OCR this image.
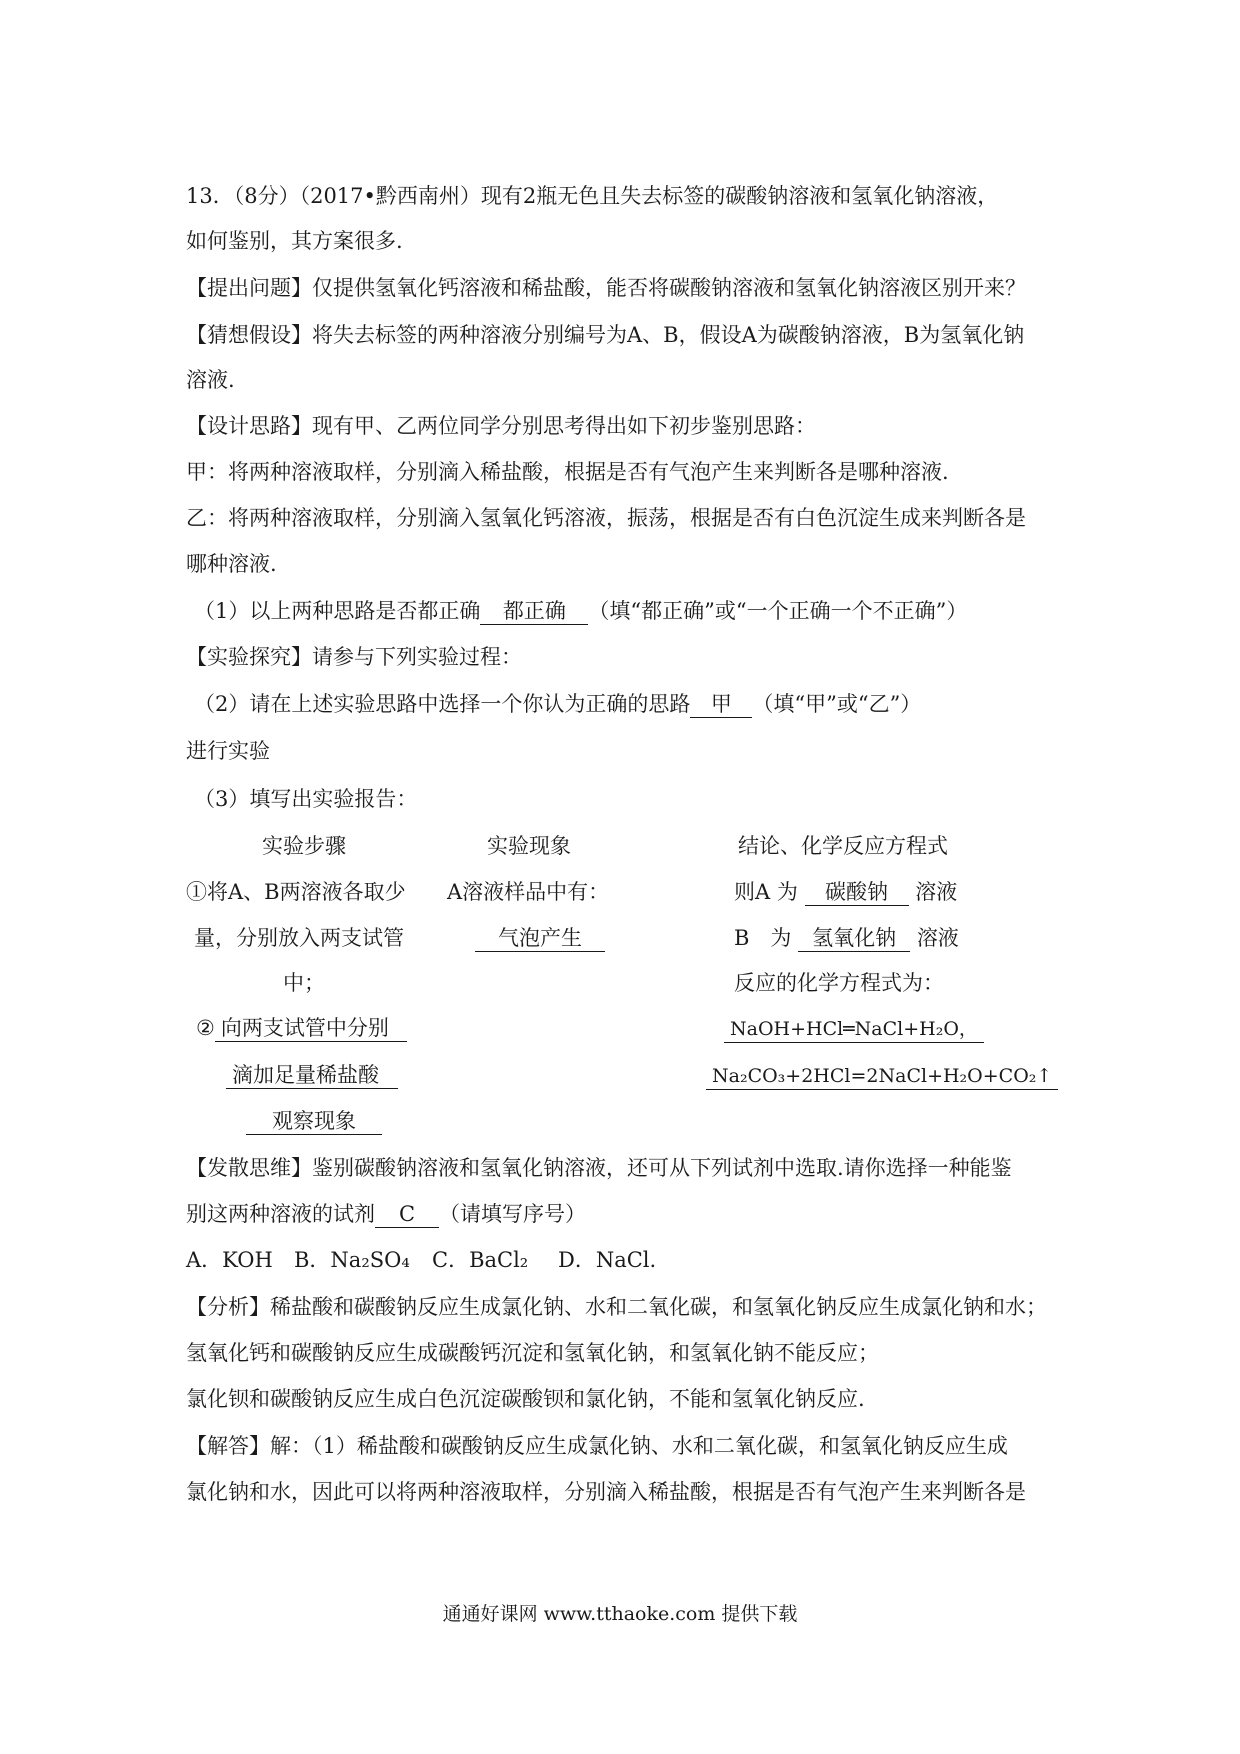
13．（8分）（2017•黔西南州）现有2瓶无色且失去标签的碳酸钠溶液和氢氧化钠溶液，
如何鉴别，其方案很多.
【提出问题】仅提供氢氧化钙溶液和稀盐酸，能否将碳酸钠溶液和氢氧化钠溶液区别开来？
【猜想假设】将失去标签的两种溶液分别编号为A、B，假设A为碳酸钠溶液，B为氢氧化钠
溶液.
【设计思路】现有甲、乙两位同学分别思考得出如下初步鉴别思路：
甲：将两种溶液取样，分别滴入稀盐酸，根据是否有气泡产生来判断各是哪种溶液.
乙：将两种溶液取样，分别滴入氢氧化钙溶液，振荡，根据是否有白色沉淀生成来判断各是
哪种溶液.
（1）以上两种思路是否都正确 都正确 （填“都正确”或“一个正确一个不正确”）
【实验探究】请参与下列实验过程：
（2）请在上述实验思路中选择一个你认为正确的思路 甲 （填“甲”或“乙”）
进行实验
（3）填写出实验报告：
实验步骤	实验现象	结论、化学反应方程式
①将A、B两溶液各取少
量，分别放入两支试管
中；
A溶液样品中有：
气泡产生
则A 为 碳酸钠 溶液
B　为 氢氧化钠 溶液
反应的化学方程式为：
② 向两支试管中分别
滴加足量稀盐酸
观察现象
NaOH+HCl═NaCl+H₂O，
Na₂CO₃+2HCl=2NaCl+H₂O+CO₂↑
【发散思维】鉴别碳酸钠溶液和氢氧化钠溶液，还可从下列试剂中选取.请你选择一种能鉴
别这两种溶液的试剂 C （请填写序号）
A．KOH B．Na₂SO₄ C．BaCl₂ D．NaCl.
【分析】稀盐酸和碳酸钠反应生成氯化钠、水和二氧化碳，和氢氧化钠反应生成氯化钠和水；
氢氧化钙和碳酸钠反应生成碳酸钙沉淀和氢氧化钠，和氢氧化钠不能反应；
氯化钡和碳酸钠反应生成白色沉淀碳酸钡和氯化钠，不能和氢氧化钠反应.
【解答】解：（1）稀盐酸和碳酸钠反应生成氯化钠、水和二氧化碳，和氢氧化钠反应生成
氯化钠和水，因此可以将两种溶液取样，分别滴入稀盐酸，根据是否有气泡产生来判断各是
通通好课网 www.tthaoke.com 提供下载
